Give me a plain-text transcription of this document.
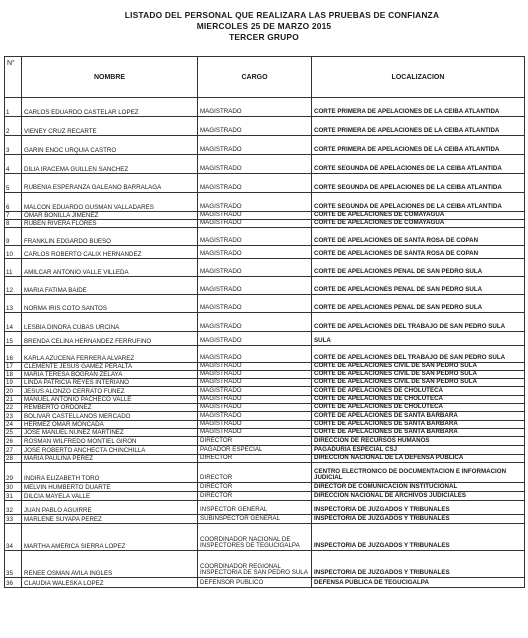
LISTADO DEL PERSONAL QUE REALIZARA LAS PRUEBAS DE CONFIANZA
MIERCOLES 25 DE MARZO 2015
TERCER GRUPO
N°	NOMBRE	CARGO	LOCALIZACION
1	CARLOS EDUARDO CASTELAR LOPEZ	MAGISTRADO	CORTE PRIMERA DE APELACIONES DE LA CEIBA ATLANTIDA
2	VIENEY CRUZ RECARTE	MAGISTRADO	CORTE PRIMERA DE APELACIONES DE LA CEIBA ATLANTIDA
3	GARIN ENOC URQUIA CASTRO	MAGISTRADO	CORTE PRIMERA DE APELACIONES DE LA CEIBA ATLANTIDA
4	DILIA IRACEMA GUILLEN SANCHEZ	MAGISTRADO	CORTE SEGUNDA DE APELACIONES DE LA CEIBA ATLANTIDA
5	RUBENIA ESPERANZA GALEANO BARRALAGA	MAGISTRADO	CORTE SEGUNDA DE APELACIONES DE LA CEIBA ATLANTIDA
6	MALCON EDUARDO GUSMAN VALLADARES	MAGISTRADO	CORTE SEGUNDA DE APELACIONES DE LA CEIBA ATLANTIDA
7	OMAR BONILLA JIMENEZ	MAGISTRADO	CORTE DE APELACIONES DE COMAYAGUA
8	RUBEN RIVERA FLORES	MAGISTRADO	CORTE DE APELACIONES DE COMAYAGUA
9	FRANKLIN EDGARDO BUESO	MAGISTRADO	CORTE DE APELACIONES DE SANTA ROSA DE COPAN
10	CARLOS ROBERTO CALIX HERNANDEZ	MAGISTRADO	CORTE DE APELACIONES DE SANTA ROSA DE COPAN
11	AMILCAR ANTONIO VALLE VILLEDA	MAGISTRADO	CORTE DE APELACIONES PENAL DE SAN PEDRO SULA
12	MARIA FATIMA BAIDE	MAGISTRADO	CORTE DE APELACIONES PENAL DE SAN PEDRO SULA
13	NORMA IRIS COTO SANTOS	MAGISTRADO	CORTE DE APELACIONES PENAL DE SAN PEDRO SULA
14	LESBIA DINORA CUBAS URCINA	MAGISTRADO	CORTE DE APELACIONES DEL TRABAJO DE SAN PEDRO SULA
15	BRENDA CELINA HERNANDEZ FERRUFINO	MAGISTRADO	SULA
16	KARLA AZUCENA FERRERA ALVAREZ	MAGISTRADO	CORTE DE APELACIONES DEL TRABAJO DE SAN PEDRO SULA
17	CLEMENTE JESUS GAMEZ PERALTA	MAGISTRADO	CORTE DE APELACIONES CIVIL DE SAN PEDRO SULA
18	MARIA TERESA BOGRAN ZELAYA	MAGISTRADO	CORTE DE APELACIONES CIVIL DE SAN PEDRO SULA
19	LINDA PATRICIA REYES INTERIANO	MAGISTRADO	CORTE DE APELACIONES CIVIL DE SAN PEDRO SULA
20	JESUS ALONZO CERRATO FUNEZ	MAGISTRADO	CORTE DE APELACIONES DE CHOLUTECA
21	MANUEL ANTONIO PACHECO VALLE	MAGISTRADO	CORTE DE APELACIONES DE CHOLUTECA
22	REMBERTO ORDOÑEZ	MAGISTRADO	CORTE DE APELACIONES DE CHOLUTECA
23	BOLIVAR CASTELLANOS MERCADO	MAGISTRADO	CORTE DE APELACIONES DE SANTA BARBARA
24	HERMEZ OMAR MONCADA	MAGISTRADO	CORTE DE APELACIONES DE SANTA BARBARA
25	JOSE MANUEL NUÑEZ MARTINEZ	MAGISTRADO	CORTE DE APELACIONES DE SANTA BARBARA
26	ROSMAN WILFREDO MONTIEL GIRON	DIRECTOR	DIRECCION DE RECURSOS HUMANOS
27	JOSE ROBERTO ANCHECTA CHINCHILLA	PAGADOR ESPECIAL	PAGADURIA ESPECIAL CSJ
28	MARIA PAULINA PEREZ	DIRECTOR	DIRECCION NACIONAL DE LA DEFENSA PUBLICA
29	INDIRA ELIZABETH TORO	DIRECTOR	CENTRO ELECTRONICO DE DOCUMENTACION E INFORMACION JUDICIAL
30	MELVIN HUMBERTO DUARTE	DIRECTOR	DIRECTOR DE COMUNICACIÓN INSTITUCIONAL
31	DILCIA MAYELA VALLE	DIRECTOR	DIRECCION NACIONAL DE ARCHIVOS JUDICIALES
32	JUAN PABLO AGUIRRE	INSPECTOR GENERAL	INSPECTORIA DE JUZGADOS Y TRIBUNALES
33	MARLENE SUYAPA PEREZ	SUBINSPECTOR GENERAL	INSPECTORIA DE JUZGADOS Y TRIBUNALES
34	MARTHA AMERICA SIERRA LOPEZ	COORDINADOR NACIONAL DE INSPECTORES DE TEGUCIGALPA	INSPECTORIA DE JUZGADOS Y TRIBUNALES
35	RENEE OSMAN AVILA INGLES	COORDINADOR REGIONAL INSPECTORIA DE SAN PEDRO SULA	INSPECTORIA DE JUZGADOS Y TRIBUNALES
36	CLAUDIA WALESKA LOPEZ	DEFENSOR PUBLICO	DEFENSA PUBLICA DE TEGUCIGALPA
